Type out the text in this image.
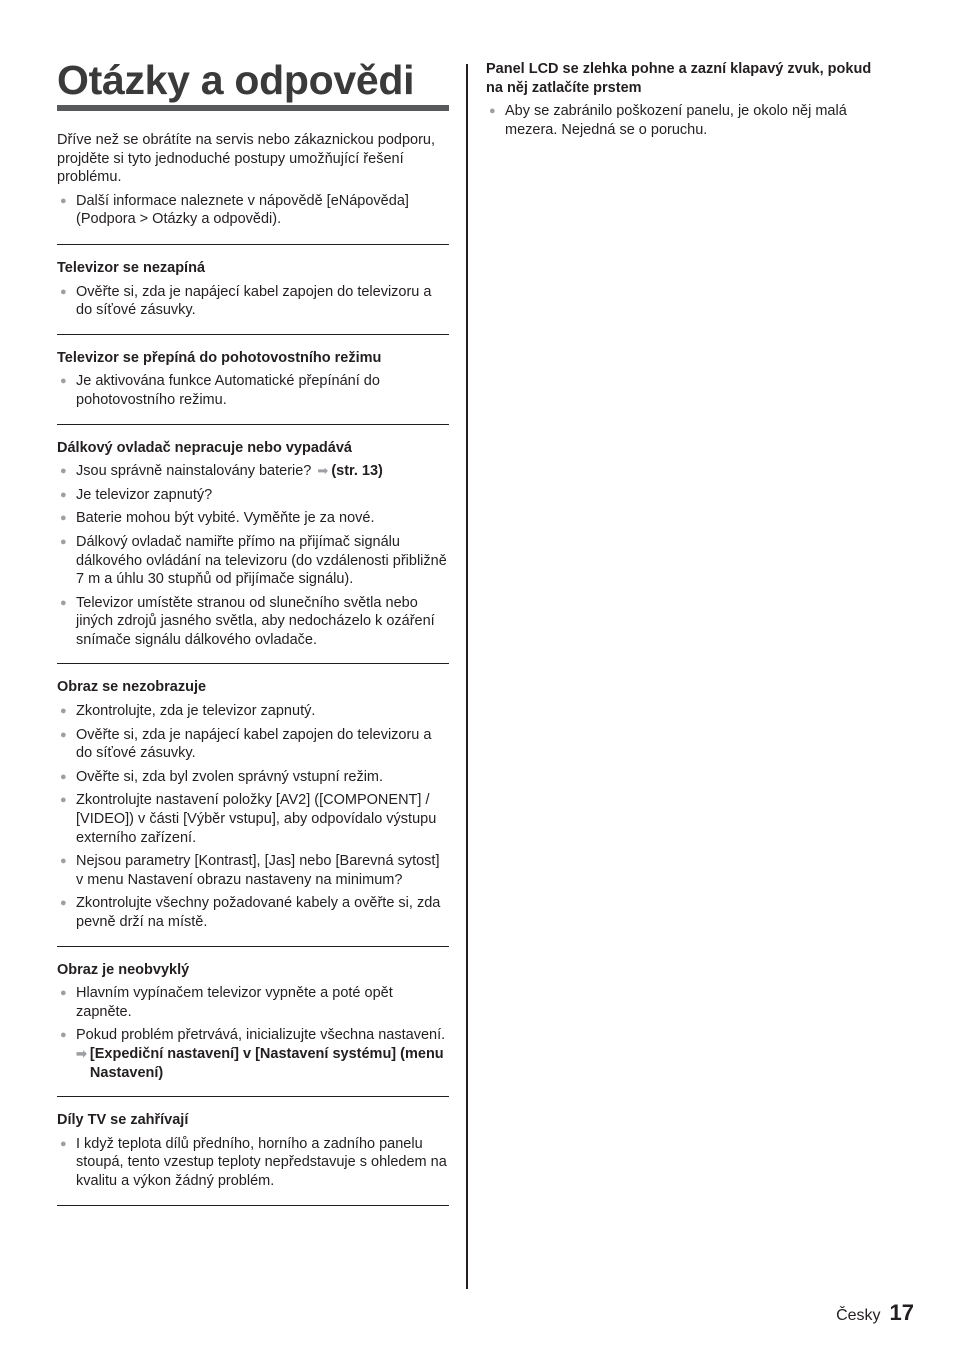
Otázky a odpovědi

Dříve než se obrátíte na servis nebo zákaznickou podporu, projděte si tyto jednoduché postupy umožňující řešení problému.

● Další informace naleznete v nápovědě [eNápověda] (Podpora > Otázky a odpovědi).
Televizor se nezapíná
● Ověřte si, zda je napájecí kabel zapojen do televizoru a do síťové zásuvky.
Televizor se přepíná do pohotovostního režimu
● Je aktivována funkce Automatické přepínání do pohotovostního režimu.
Dálkový ovladač nepracuje nebo vypadává
● Jsou správně nainstalovány baterie? ➡ (str. 13)
● Je televizor zapnutý?
● Baterie mohou být vybité. Vyměňte je za nové.
● Dálkový ovladač namiřte přímo na přijímač signálu dálkového ovládání na televizoru (do vzdálenosti přibližně 7 m a úhlu 30 stupňů od přijímače signálu).
● Televizor umístěte stranou od slunečního světla nebo jiných zdrojů jasného světla, aby nedocházelo k ozáření snímače signálu dálkového ovladače.
Obraz se nezobrazuje
● Zkontrolujte, zda je televizor zapnutý.
● Ověřte si, zda je napájecí kabel zapojen do televizoru a do síťové zásuvky.
● Ověřte si, zda byl zvolen správný vstupní režim.
● Zkontrolujte nastavení položky [AV2] ([COMPONENT] / [VIDEO]) v části [Výběr vstupu], aby odpovídalo výstupu externího zařízení.
● Nejsou parametry [Kontrast], [Jas] nebo [Barevná sytost] v menu Nastavení obrazu nastaveny na minimum?
● Zkontrolujte všechny požadované kabely a ověřte si, zda pevně drží na místě.
Obraz je neobvyklý
● Hlavním vypínačem televizor vypněte a poté opět zapněte.
● Pokud problém přetrvává, inicializujte všechna nastavení.
➡ [Expediční nastavení] v [Nastavení systému] (menu Nastavení)
Díly TV se zahřívají
● I když teplota dílů předního, horního a zadního panelu stoupá, tento vzestup teploty nepředstavuje s ohledem na kvalitu a výkon žádný problém.
Panel LCD se zlehka pohne a zazní klapavý zvuk, pokud na něj zatlačíte prstem
● Aby se zabránilo poškození panelu, je okolo něj malá mezera. Nejedná se o poruchu.
Česky 17
